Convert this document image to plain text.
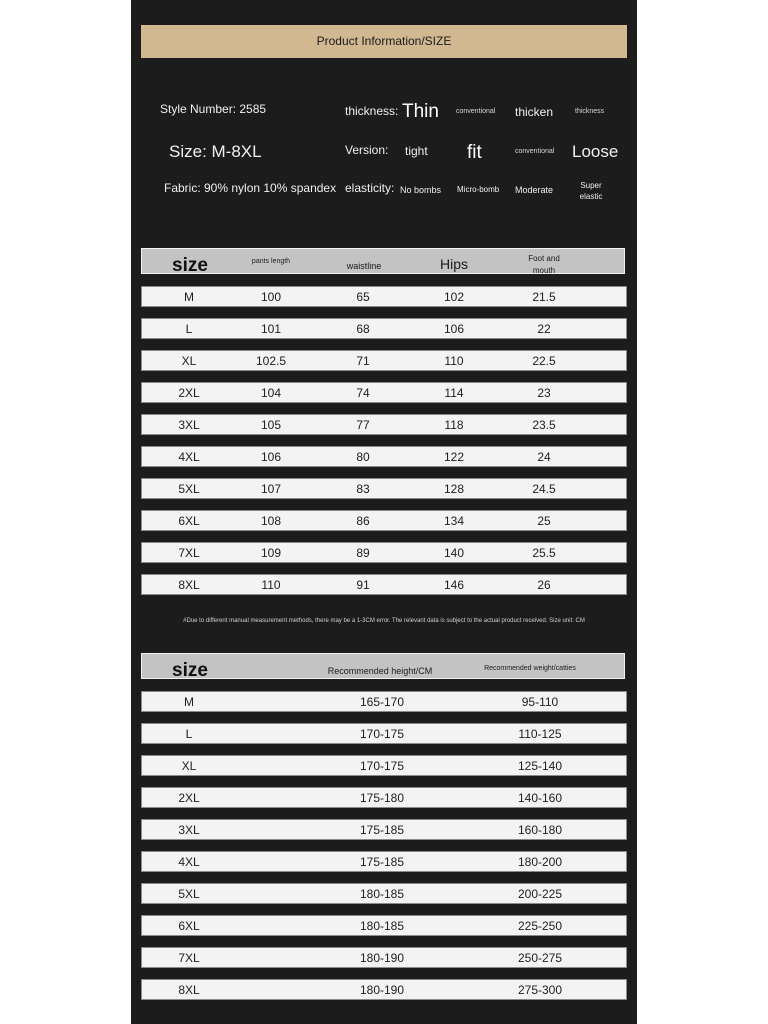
Product Information/SIZE
Style Number: 2585
Size: M-8XL
Fabric: 90% nylon 10% spandex
thickness: Thin conventional thicken	thickness
Version: tight fit	conventional Loose
elasticity: No bombs Micro-bomb Moderate	Super elastic
size	pants length	waistline	Hips	Foot and mouth
M	100	65	102	21.5
L	101	68	106	22
XL	102.5	71	110	22.5
2XL	104	74	114	23
3XL	105	77	118	23.5
4XL	106	80	122	24
5XL	107	83	128	24.5
6XL	108	86	134	25
7XL	109	89	140	25.5
8XL	110	91	146	26
#Due to different manual measurement methods, there may be a 1-3CM error. The relevant data is subject to the actual product received. Size unit: CM
size	Recommended height/CM	Recommended weight/catties
M	165-170	95-110
L	170-175	110-125
XL	170-175	125-140
2XL	175-180	140-160
3XL	175-185	160-180
4XL	175-185	180-200
5XL	180-185	200-225
6XL	180-185	225-250
7XL	180-190	250-275
8XL	180-190	275-300
